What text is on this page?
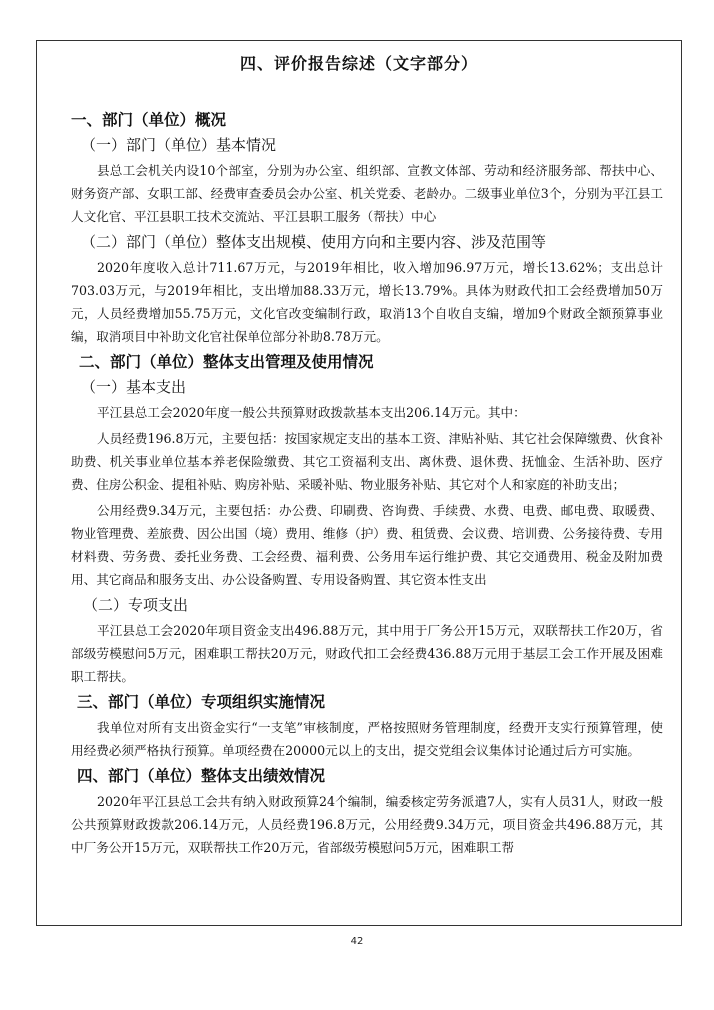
四、评价报告综述（文字部分）
一、部门（单位）概况
（一）部门（单位）基本情况
县总工会机关内设10个部室，分别为办公室、组织部、宣教文体部、劳动和经济服务部、帮扶中心、财务资产部、女职工部、经费审查委员会办公室、机关党委、老龄办。二级事业单位3个，分别为平江县工人文化官、平江县职工技术交流站、平江县职工服务（帮扶）中心
（二）部门（单位）整体支出规模、使用方向和主要内容、涉及范围等
2020年度收入总计711.67万元，与2019年相比，收入增加96.97万元，增长13.62%；支出总计703.03万元，与2019年相比，支出增加88.33万元，增长13.79%。具体为财政代扣工会经费增加50万元，人员经费增加55.75万元，文化官改变编制行政，取消13个自收自支编，增加9个财政全额预算事业编，取消项目中补助文化官社保单位部分补助8.78万元。
二、部门（单位）整体支出管理及使用情况
（一）基本支出
平江县总工会2020年度一般公共预算财政拨款基本支出206.14万元。其中：
人员经费196.8万元，主要包括：按国家规定支出的基本工资、津贴补贴、其它社会保障缴费、伙食补助费、机关事业单位基本养老保险缴费、其它工资福利支出、离休费、退休费、抚恤金、生活补助、医疗费、住房公积金、提租补贴、购房补贴、采暖补贴、物业服务补贴、其它对个人和家庭的补助支出；
公用经费9.34万元，主要包括：办公费、印刷费、咨询费、手续费、水费、电费、邮电费、取暖费、物业管理费、差旅费、因公出国（境）费用、维修（护）费、租赁费、会议费、培训费、公务接待费、专用材料费、劳务费、委托业务费、工会经费、福利费、公务用车运行维护费、其它交通费用、税金及附加费用、其它商品和服务支出、办公设备购置、专用设备购置、其它资本性支出
（二）专项支出
平江县总工会2020年项目资金支出496.88万元，其中用于厂务公开15万元，双联帮扶工作20万，省部级劳模慰问5万元，困难职工帮扶20万元，财政代扣工会经费436.88万元用于基层工会工作开展及困难职工帮扶。
三、部门（单位）专项组织实施情况
我单位对所有支出资金实行“一支笔”审核制度，严格按照财务管理制度，经费开支实行预算管理，使用经费必须严格执行预算。单项经费在20000元以上的支出，提交党组会议集体讨论通过后方可实施。
四、部门（单位）整体支出绩效情况
2020年平江县总工会共有纳入财政预算24个编制，编委核定劳务派遣7人，实有人员31人，财政一般公共预算财政拨款206.14万元，人员经费196.8万元，公用经费9.34万元，项目资金共496.88万元，其中厂务公开15万元，双联帮扶工作20万元，省部级劳模慰问5万元，困难职工帮
42
